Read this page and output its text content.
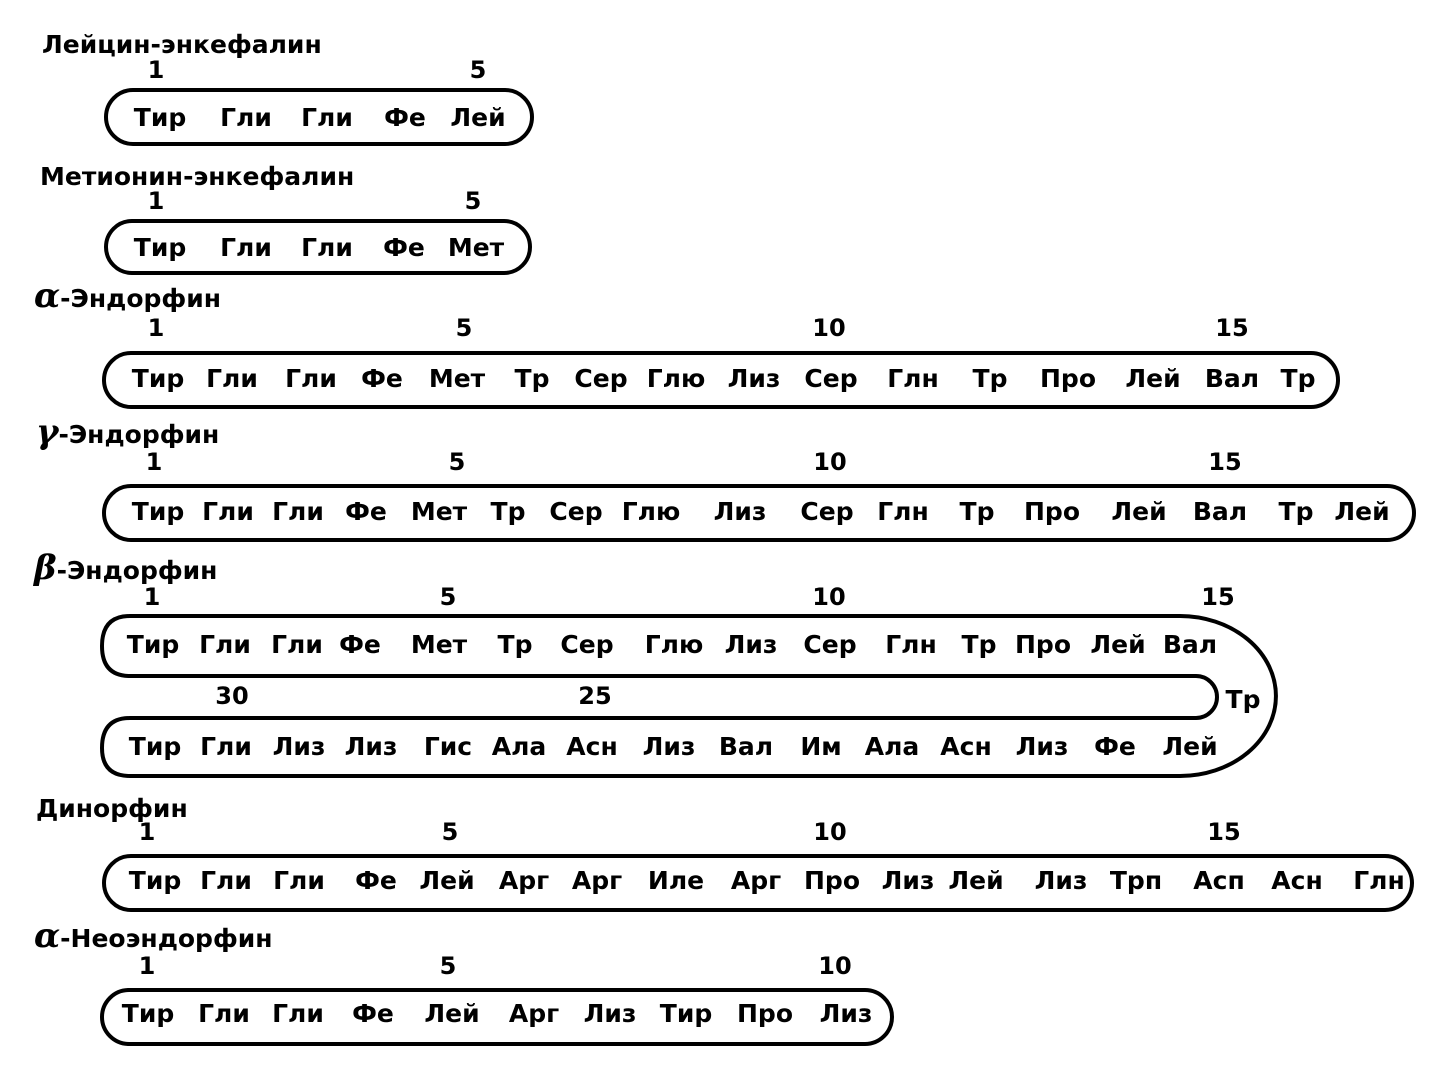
Лейцин-энкефалин
Метионин-энкефалин
α-Эндорфин
γ-Эндорфин
β-Эндорфин
Динорфин
α-Неоэндорфин
1	5
Тир Гли Гли Фе Лей
1	5
Тир Гли Гли Фе Мет
1	5	10	15
Тир Гли Гли Фе Мет Тр Сер Глю Лиз Сер Глн Тр Про Лей Вал Тр
1	5	10	15
Тир Гли Гли Фе Мет Тр Сер Глю Лиз Сер Глн Тр Про Лей Вал Тр Лей
1	5	10	15
Тир Гли Гли Фе Мет Тр Сер Глю Лиз Сер Глн Тр Про Лей Вал
30	25
Тир Гли Лиз Лиз Гис Ала Асн Лиз Вал Им Ала Асн Лиз Фе Лей
Тр
1	5	10	15
Тир Гли Гли Фе Лей Арг Арг Иле Арг Про Лиз Лей Лиз Трп Асп Асн Глн
1	5	10
Тир Гли Гли Фе Лей Арг Лиз Тир Про Лиз
